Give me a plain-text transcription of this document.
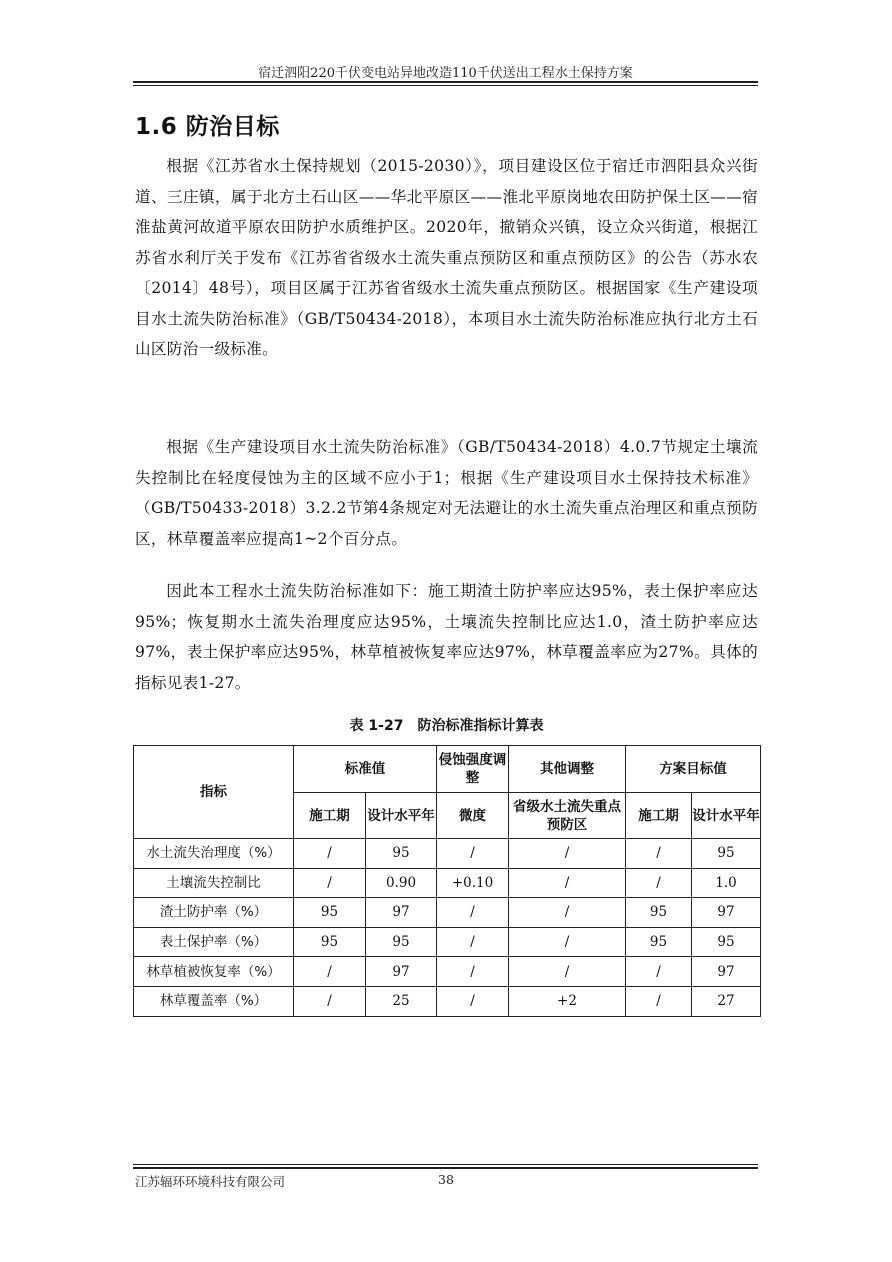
宿迁泗阳220千伏变电站异地改造110千伏送出工程水土保持方案
1.6 防治目标

根据《江苏省水土保持规划（2015-2030）》，项目建设区位于宿迁市泗阳县众兴街道、三庄镇，属于北方土石山区——华北平原区——淮北平原岗地农田防护保土区——宿淮盐黄河故道平原农田防护水质维护区。2020年，撤销众兴镇，设立众兴街道，根据江苏省水利厅关于发布《江苏省省级水土流失重点预防区和重点预防区》的公告（苏水农〔2014〕48号），项目区属于江苏省省级水土流失重点预防区。根据国家《生产建设项目水土流失防治标准》（GB/T50434-2018），本项目水土流失防治标准应执行北方土石山区防治一级标准。

根据《生产建设项目水土流失防治标准》（GB/T50434-2018）4.0.7节规定土壤流失控制比在轻度侵蚀为主的区域不应小于1；根据《生产建设项目水土保持技术标准》（GB/T50433-2018）3.2.2节第4条规定对无法避让的水土流失重点治理区和重点预防区，林草覆盖率应提高1~2个百分点。

因此本工程水土流失防治标准如下：施工期渣土防护率应达95%，表土保护率应达95%；恢复期水土流失治理度应达95%，土壤流失控制比应达1.0，渣土防护率应达97%，表土保护率应达95%，林草植被恢复率应达97%，林草覆盖率应为27%。具体的指标见表1-27。

表 1-27　防治标准指标计算表
指标	标准值		侵蚀强度调整	其他调整	方案目标值	
	施工期	设计水平年	微度	省级水土流失重点预防区	施工期	设计水平年
水土流失治理度（%）	/	95	/	/	/	95
土壤流失控制比	/	0.90	+0.10	/	/	1.0
渣土防护率（%）	95	97	/	/	95	97
表土保护率（%）	95	95	/	/	95	95
林草植被恢复率（%）	/	97	/	/	/	97
林草覆盖率（%）	/	25	/	+2	/	27
江苏辐环环境科技有限公司	38
